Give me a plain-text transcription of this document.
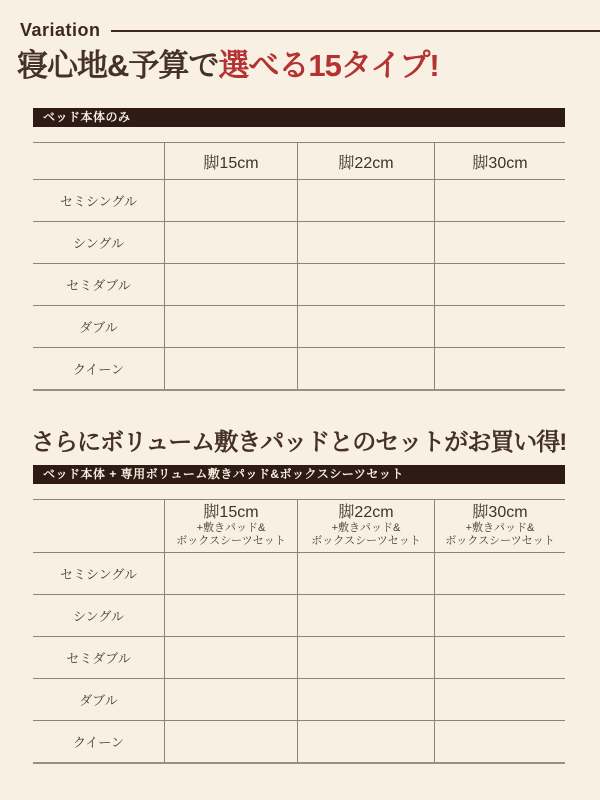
Variation
寝心地&予算で選べる15タイプ!
ベッド本体のみ
脚15cm	脚22cm	脚30cm
セミシングル
シングル
セミダブル
ダブル
クイーン
さらにボリューム敷きパッドとのセットがお買い得!
ベッド本体 + 専用ボリューム敷きパッド&ボックスシーツセット
脚15cm
+敷きパッド&
ボックスシーツセット
脚22cm
+敷きパッド&
ボックスシーツセット
脚30cm
+敷きパッド&
ボックスシーツセット
セミシングル
シングル
セミダブル
ダブル
クイーン
